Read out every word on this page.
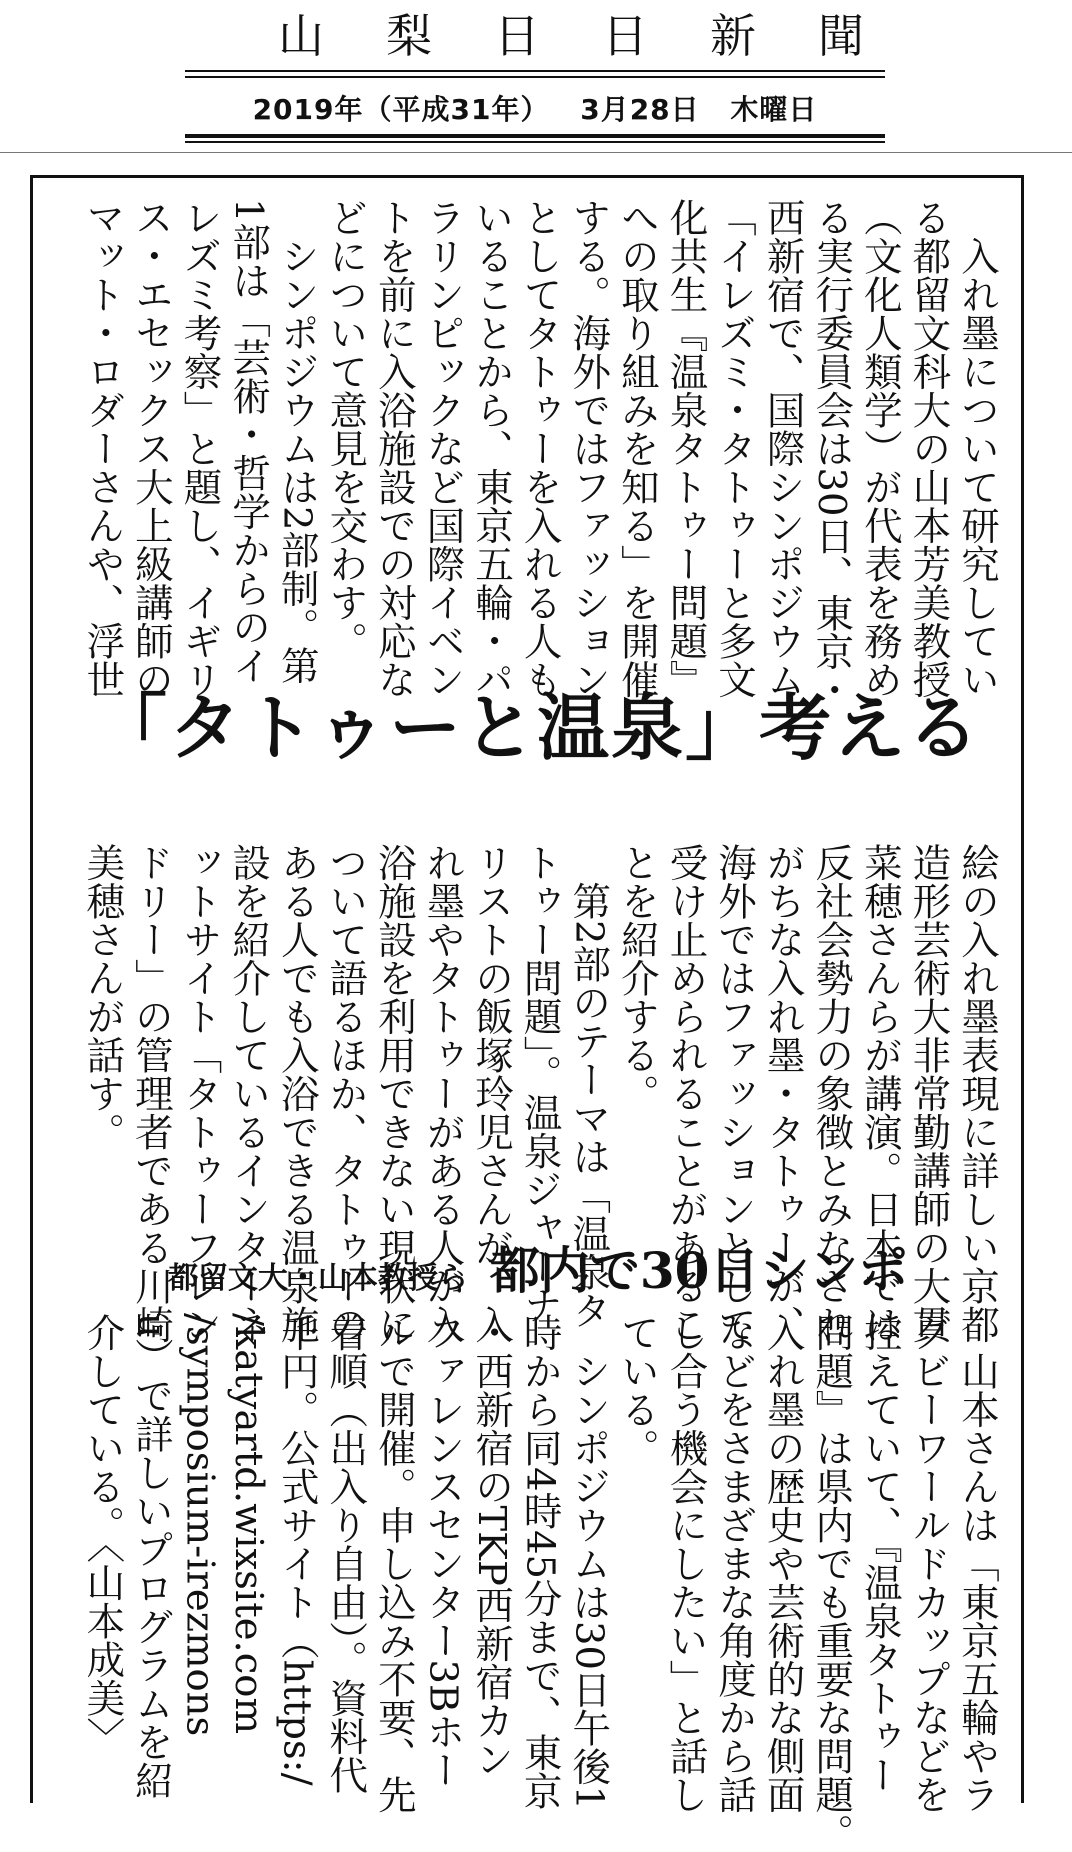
山梨日日新聞
2019年（平成31年） 3月28日 木曜日
　入れ墨について研究してい
る都留文科大の山本芳美教授
（文化人類学）が代表を務め
る実行委員会は30日、東京・
西新宿で、国際シンポジウム
「イレズミ・タトゥーと多文
化共生『温泉タトゥー問題』
への取り組みを知る」を開催
する。海外ではファッション
としてタトゥーを入れる人も
いることから、東京五輪・パ
ラリンピックなど国際イベン
トを前に入浴施設での対応な
どについて意見を交わす。
　シンポジウムは2部制。第
1部は「芸術・哲学からのイ
レズミ考察」と題し、イギリ
ス・エセックス大上級講師の
マット・ロダーさんや、浮世
「タトゥーと温泉」考える
絵の入れ墨表現に詳しい京都
造形芸術大非常勤講師の大貫
菜穂さんらが講演。日本では
反社会勢力の象徴とみなされ
がちな入れ墨・タトゥーが、
海外ではファッションとして
受け止められることがあるこ
とを紹介する。
　第2部のテーマは「温泉タ
トゥー問題」。温泉ジャーナ
リストの飯塚玲児さんが、入
れ墨やタトゥーがある人が入
浴施設を利用できない現状に
ついて語るほか、タトゥーの
ある人でも入浴できる温泉施
設を紹介しているインターネ
ットサイト「タトゥーフレン
ドリー」の管理者である川崎
美穂さんが話す。
都留文大・山本教授ら 都内で30日シンポ
　山本さんは「東京五輪やラ
グビーワールドカップなどを
控えていて、『温泉タトゥー
問題』は県内でも重要な問題。
入れ墨の歴史や芸術的な側面
などをさまざまな角度から話
し合う機会にしたい」と話し
ている。
　シンポジウムは30日午後1
時から同4時45分まで、東京
・西新宿のTKP西新宿カン
ファレンスセンター3Bホー
ルで開催。申し込み不要、先
着順（出入り自由）。資料代
千円。公式サイト（https:/
/katyartd.wixsite.com
/symposium-irezmons
u）で詳しいプログラムを紹
介している。〈山本成美〉
